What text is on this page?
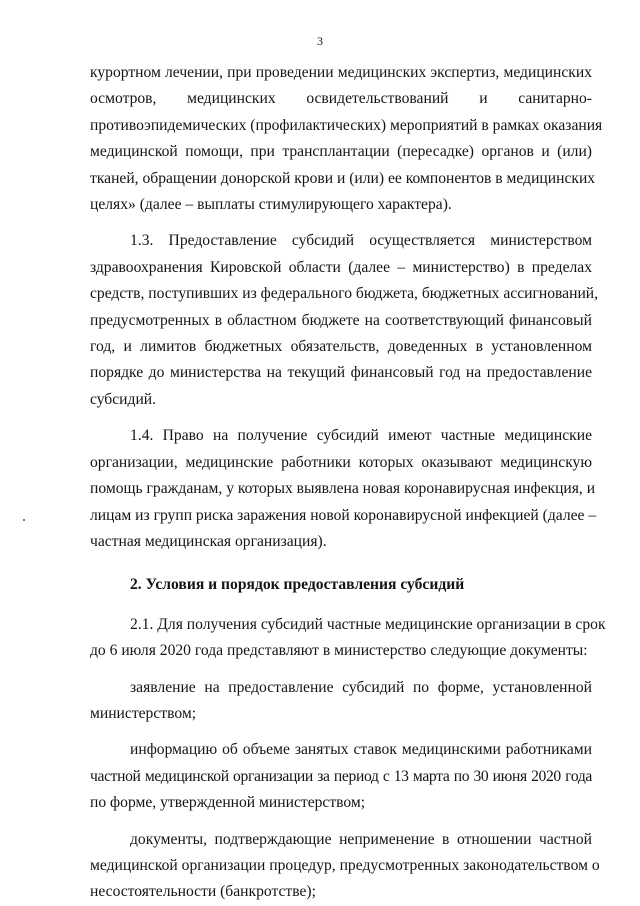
3

курортном лечении, при проведении медицинских экспертиз, медицинских
осмотров, медицинских освидетельствований и санитарно-
противоэпидемических (профилактических) мероприятий в рамках оказания
медицинской помощи, при трансплантации (пересадке) органов и (или)
тканей, обращении донорской крови и (или) ее компонентов в медицинских
целях» (далее – выплаты стимулирующего характера).

1.3. Предоставление субсидий осуществляется министерством
здравоохранения Кировской области (далее – министерство) в пределах
средств, поступивших из федерального бюджета, бюджетных ассигнований,
предусмотренных в областном бюджете на соответствующий финансовый
год, и лимитов бюджетных обязательств, доведенных в установленном
порядке до министерства на текущий финансовый год на предоставление
субсидий.

1.4. Право на получение субсидий имеют частные медицинские
организации, медицинские работники которых оказывают медицинскую
помощь гражданам, у которых выявлена новая коронавирусная инфекция, и
лицам из групп риска заражения новой коронавирусной инфекцией (далее –
частная медицинская организация).

2. Условия и порядок предоставления субсидий

2.1. Для получения субсидий частные медицинские организации в срок
до 6 июля 2020 года представляют в министерство следующие документы:

заявление на предоставление субсидий по форме, установленной
министерством;

информацию об объеме занятых ставок медицинскими работниками
частной медицинской организации за период с 13 марта по 30 июня 2020 года
по форме, утвержденной министерством;

документы, подтверждающие неприменение в отношении частной
медицинской организации процедур, предусмотренных законодательством о
несостоятельности (банкротстве);
